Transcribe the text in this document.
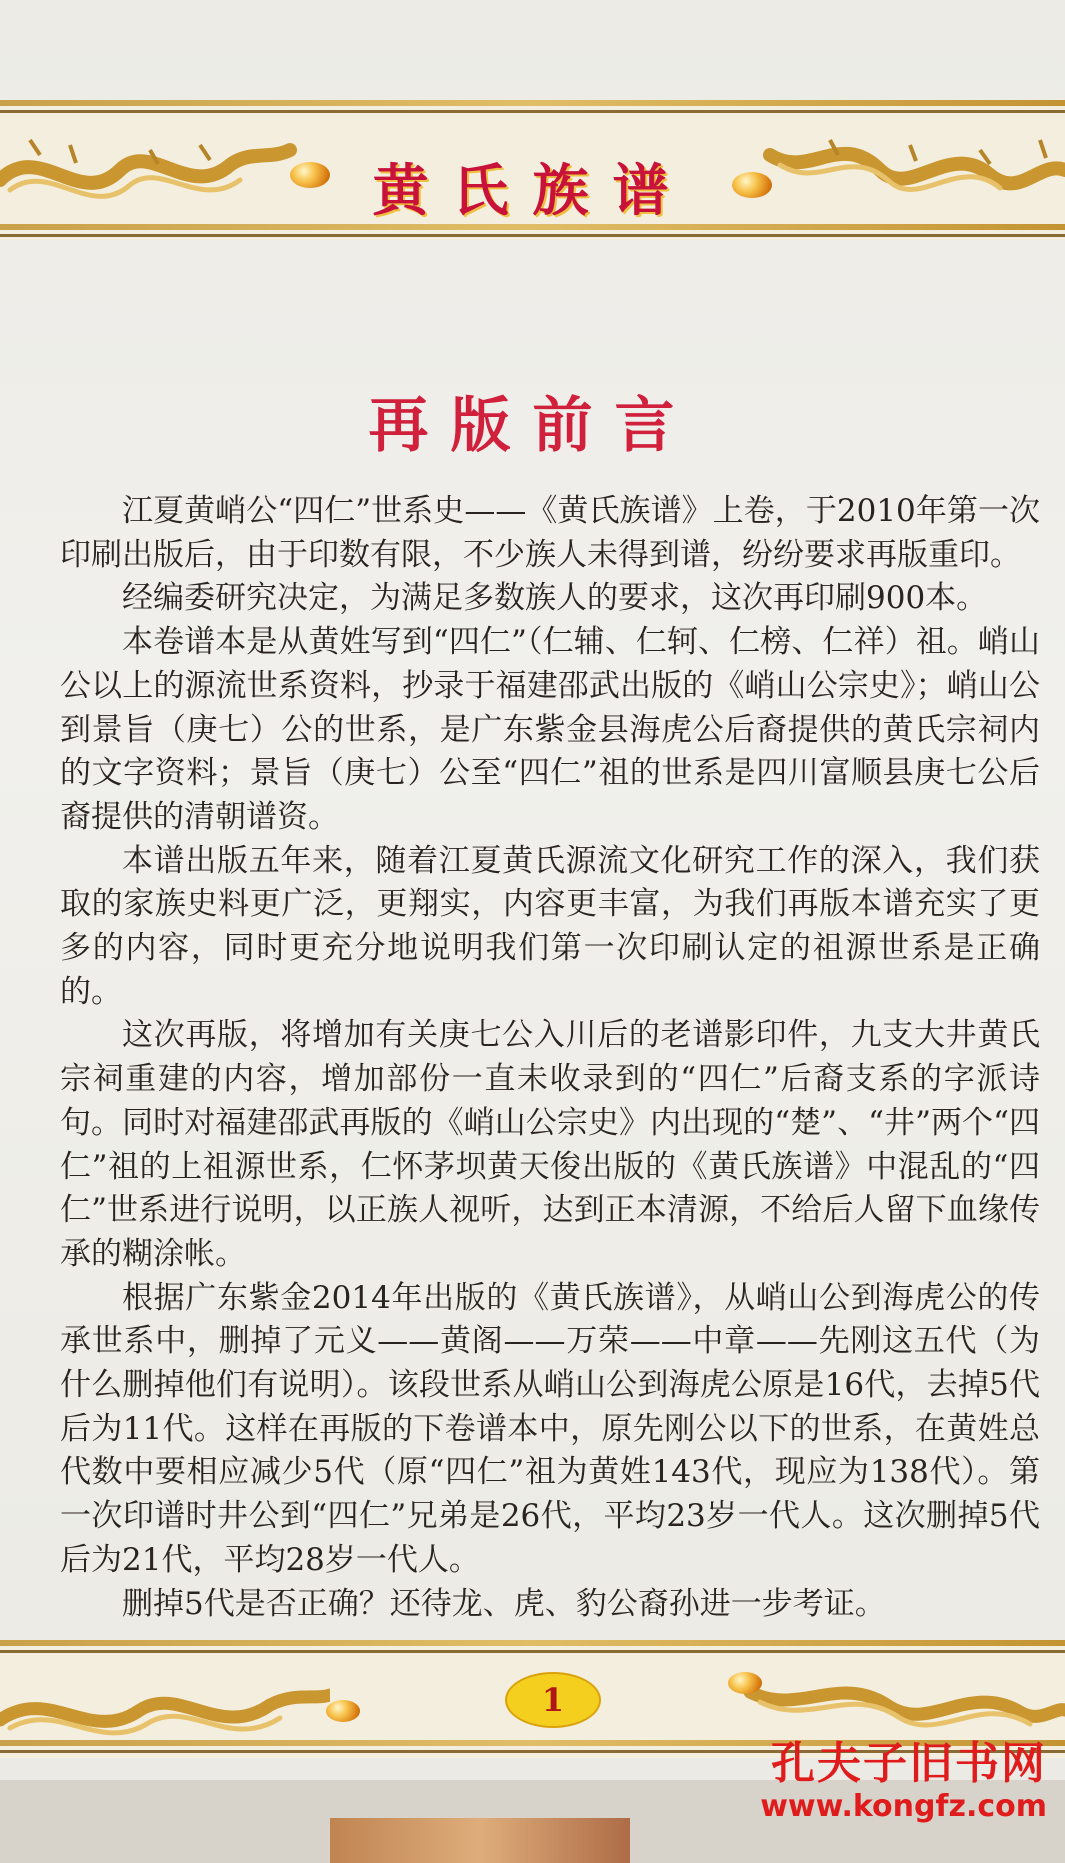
黄氏族谱
再版前言

江夏黄峭公“四仁”世系史——《黄氏族谱》上卷，于2010年第一次印刷出版后，由于印数有限，不少族人未得到谱，纷纷要求再版重印。

经编委研究决定，为满足多数族人的要求，这次再印刷900本。

本卷谱本是从黄姓写到“四仁”（仁辅、仁轲、仁榜、仁祥）祖。峭山公以上的源流世系资料，抄录于福建邵武出版的《峭山公宗史》；峭山公到景旨（庚七）公的世系，是广东紫金县海虎公后裔提供的黄氏宗祠内的文字资料；景旨（庚七）公至“四仁”祖的世系是四川富顺县庚七公后裔提供的清朝谱资。

本谱出版五年来，随着江夏黄氏源流文化研究工作的深入，我们获取的家族史料更广泛，更翔实，内容更丰富，为我们再版本谱充实了更多的内容，同时更充分地说明我们第一次印刷认定的祖源世系是正确的。

这次再版，将增加有关庚七公入川后的老谱影印件，九支大井黄氏宗祠重建的内容，增加部份一直未收录到的“四仁”后裔支系的字派诗句。同时对福建邵武再版的《峭山公宗史》内出现的“楚”、“井”两个“四仁”祖的上祖源世系，仁怀茅坝黄天俊出版的《黄氏族谱》中混乱的“四仁”世系进行说明，以正族人视听，达到正本清源，不给后人留下血缘传承的糊涂帐。

根据广东紫金2014年出版的《黄氏族谱》，从峭山公到海虎公的传承世系中，删掉了元义——黄阁——万荣——中章——先刚这五代（为什么删掉他们有说明）。该段世系从峭山公到海虎公原是16代，去掉5代后为11代。这样在再版的下卷谱本中，原先刚公以下的世系，在黄姓总代数中要相应减少5代（原“四仁”祖为黄姓143代，现应为138代）。第一次印谱时井公到“四仁”兄弟是26代，平均23岁一代人。这次删掉5代后为21代，平均28岁一代人。

删掉5代是否正确？还待龙、虎、豹公裔孙进一步考证。

1
孔夫子旧书网
www.kongfz.com
